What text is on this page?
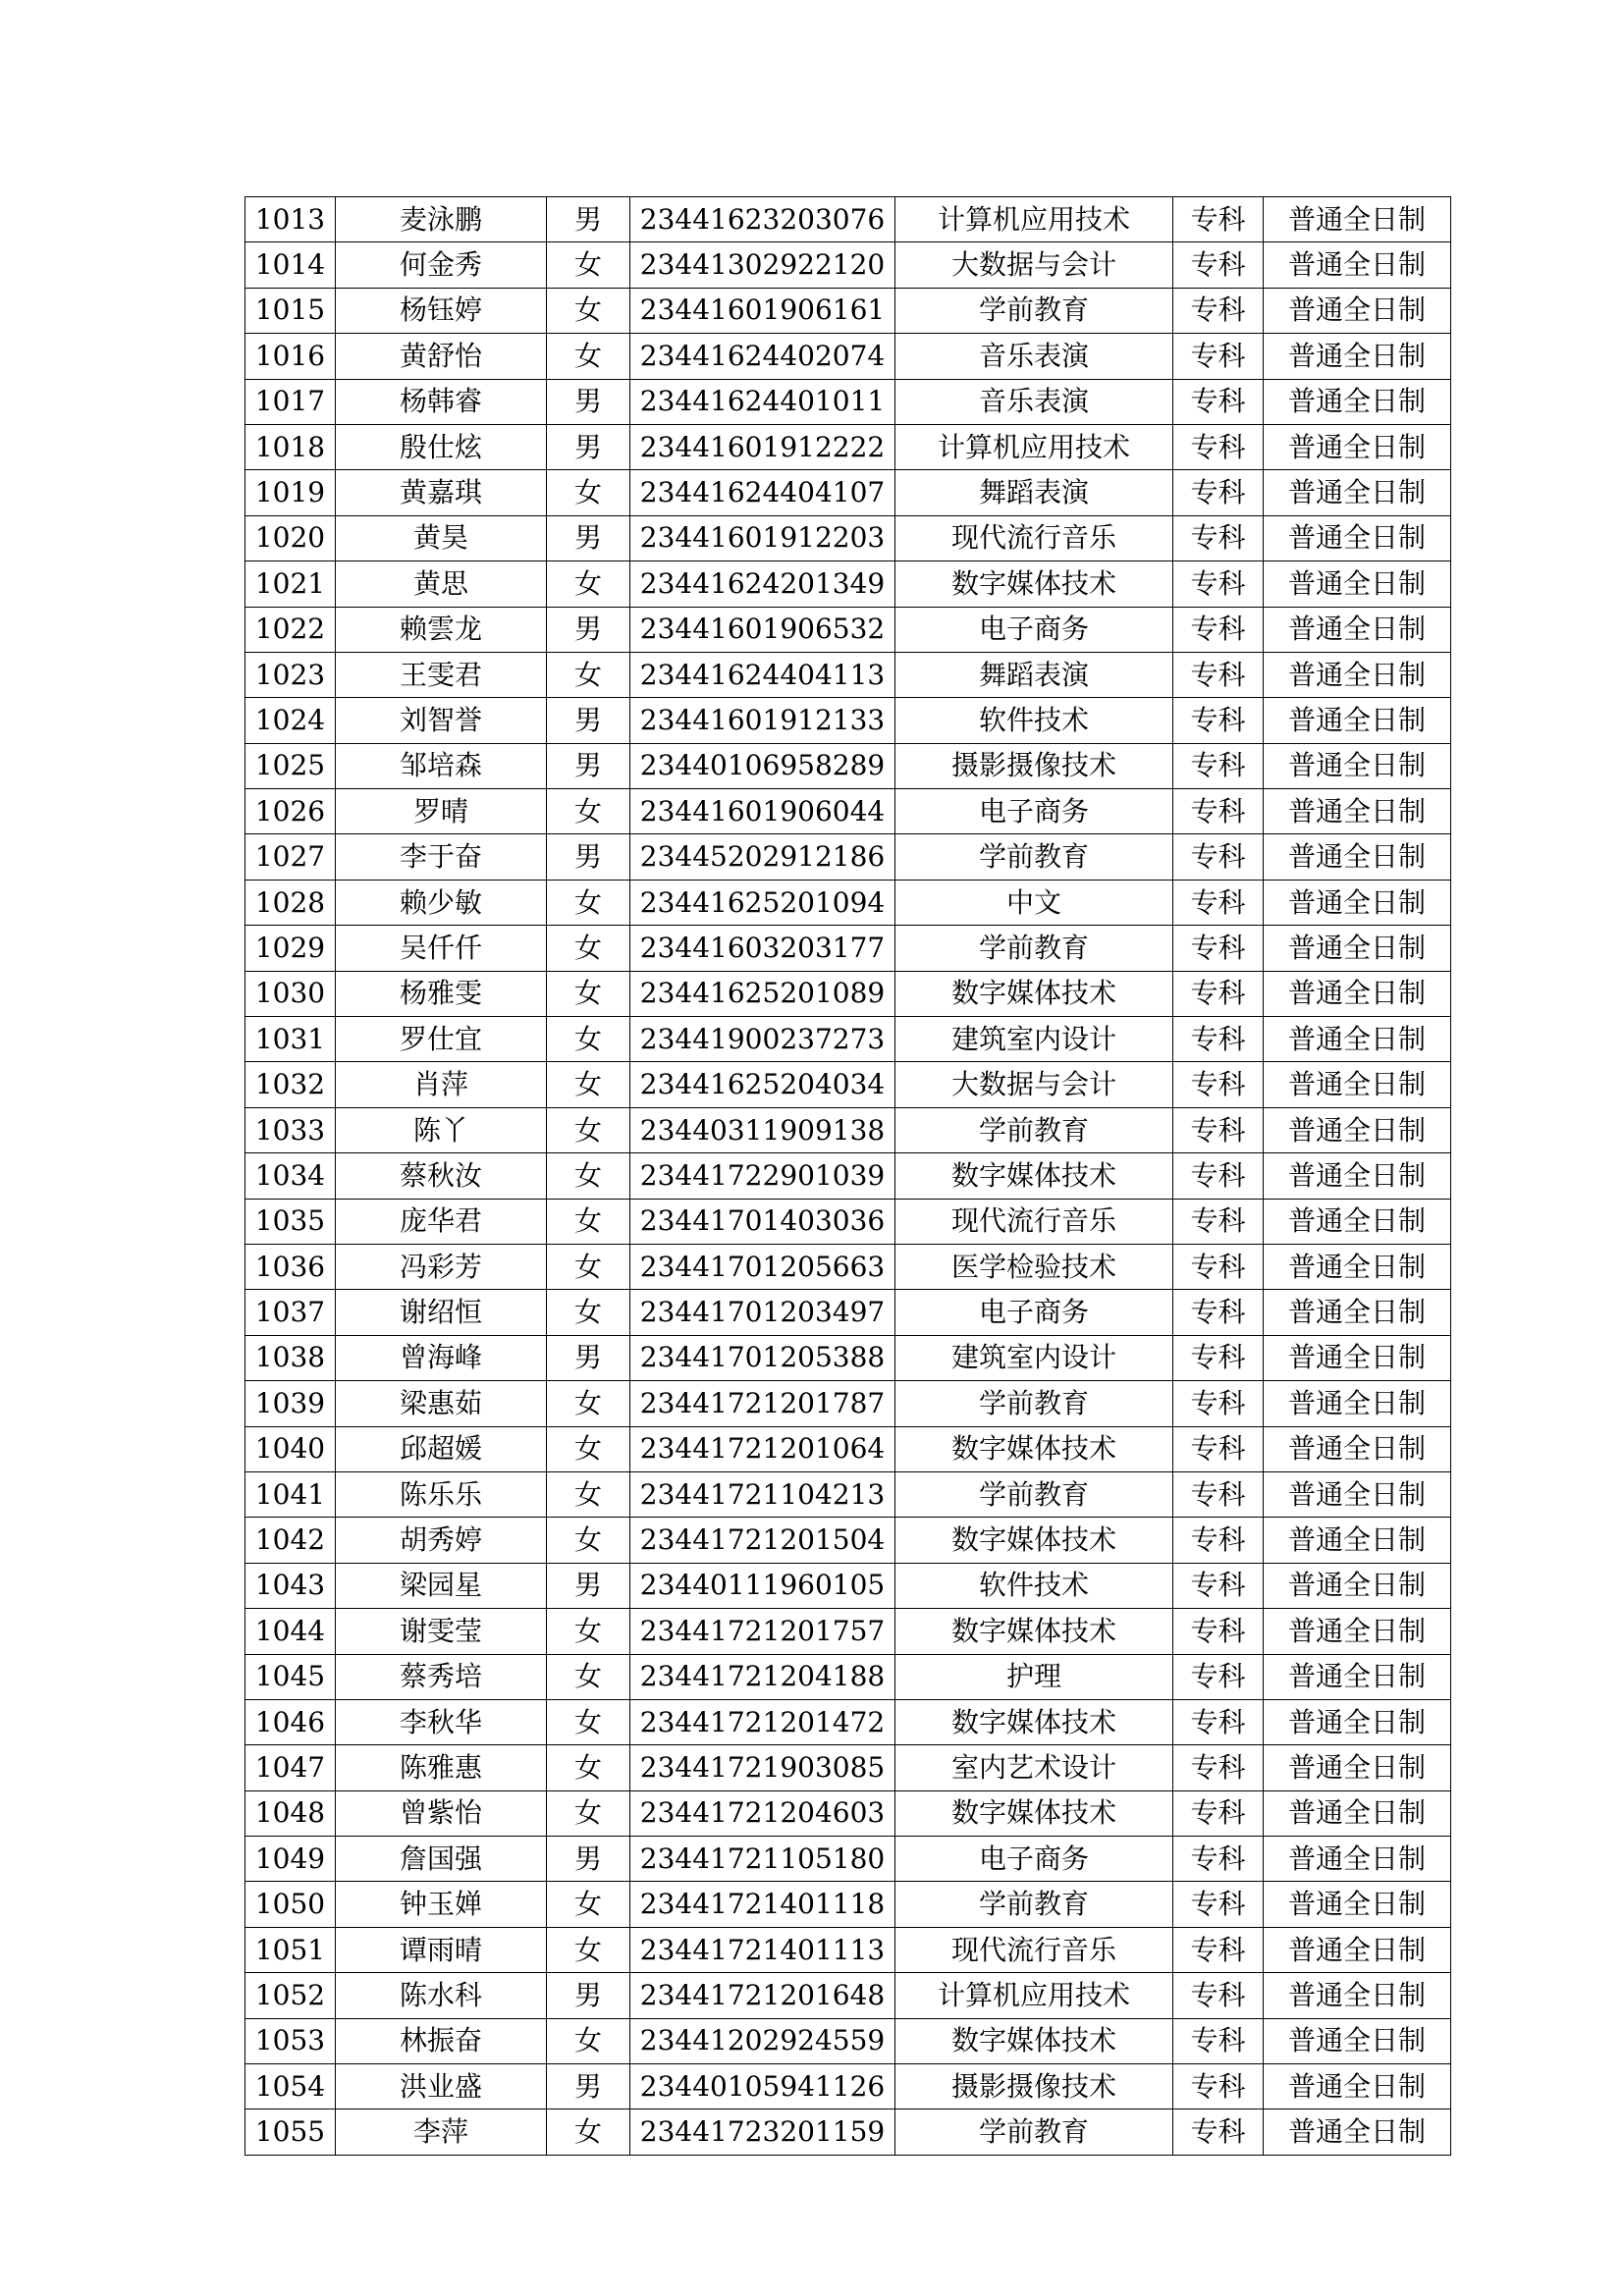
1013	麦泳鹏	男	23441623203076	计算机应用技术	专科	普通全日制
1014	何金秀	女	23441302922120	大数据与会计	专科	普通全日制
1015	杨钰婷	女	23441601906161	学前教育	专科	普通全日制
1016	黄舒怡	女	23441624402074	音乐表演	专科	普通全日制
1017	杨韩睿	男	23441624401011	音乐表演	专科	普通全日制
1018	殷仕炫	男	23441601912222	计算机应用技术	专科	普通全日制
1019	黄嘉琪	女	23441624404107	舞蹈表演	专科	普通全日制
1020	黄昊	男	23441601912203	现代流行音乐	专科	普通全日制
1021	黄思	女	23441624201349	数字媒体技术	专科	普通全日制
1022	赖雲龙	男	23441601906532	电子商务	专科	普通全日制
1023	王雯君	女	23441624404113	舞蹈表演	专科	普通全日制
1024	刘智誉	男	23441601912133	软件技术	专科	普通全日制
1025	邹培森	男	23440106958289	摄影摄像技术	专科	普通全日制
1026	罗晴	女	23441601906044	电子商务	专科	普通全日制
1027	李于奋	男	23445202912186	学前教育	专科	普通全日制
1028	赖少敏	女	23441625201094	中文	专科	普通全日制
1029	吴仟仟	女	23441603203177	学前教育	专科	普通全日制
1030	杨雅雯	女	23441625201089	数字媒体技术	专科	普通全日制
1031	罗仕宜	女	23441900237273	建筑室内设计	专科	普通全日制
1032	肖萍	女	23441625204034	大数据与会计	专科	普通全日制
1033	陈丫	女	23440311909138	学前教育	专科	普通全日制
1034	蔡秋汝	女	23441722901039	数字媒体技术	专科	普通全日制
1035	庞华君	女	23441701403036	现代流行音乐	专科	普通全日制
1036	冯彩芳	女	23441701205663	医学检验技术	专科	普通全日制
1037	谢绍恒	女	23441701203497	电子商务	专科	普通全日制
1038	曾海峰	男	23441701205388	建筑室内设计	专科	普通全日制
1039	梁惠茹	女	23441721201787	学前教育	专科	普通全日制
1040	邱超媛	女	23441721201064	数字媒体技术	专科	普通全日制
1041	陈乐乐	女	23441721104213	学前教育	专科	普通全日制
1042	胡秀婷	女	23441721201504	数字媒体技术	专科	普通全日制
1043	梁园星	男	23440111960105	软件技术	专科	普通全日制
1044	谢雯莹	女	23441721201757	数字媒体技术	专科	普通全日制
1045	蔡秀培	女	23441721204188	护理	专科	普通全日制
1046	李秋华	女	23441721201472	数字媒体技术	专科	普通全日制
1047	陈雅惠	女	23441721903085	室内艺术设计	专科	普通全日制
1048	曾紫怡	女	23441721204603	数字媒体技术	专科	普通全日制
1049	詹国强	男	23441721105180	电子商务	专科	普通全日制
1050	钟玉婵	女	23441721401118	学前教育	专科	普通全日制
1051	谭雨晴	女	23441721401113	现代流行音乐	专科	普通全日制
1052	陈水科	男	23441721201648	计算机应用技术	专科	普通全日制
1053	林振奋	女	23441202924559	数字媒体技术	专科	普通全日制
1054	洪业盛	男	23440105941126	摄影摄像技术	专科	普通全日制
1055	李萍	女	23441723201159	学前教育	专科	普通全日制
